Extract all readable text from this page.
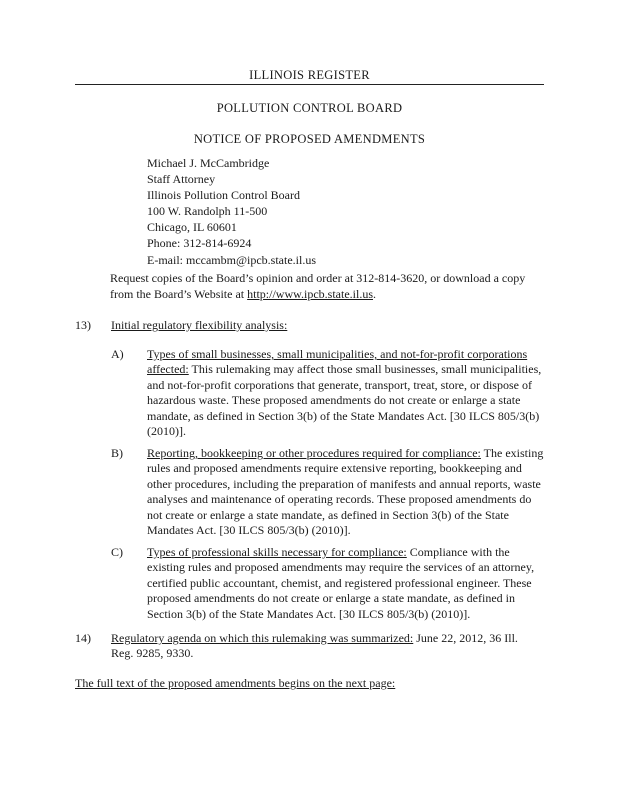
ILLINOIS REGISTER
POLLUTION CONTROL BOARD
NOTICE OF PROPOSED AMENDMENTS
Michael J. McCambridge
Staff Attorney
Illinois Pollution Control Board
100 W. Randolph 11-500
Chicago, IL 60601
Phone: 312-814-6924
E-mail: mccambm@ipcb.state.il.us
Request copies of the Board’s opinion and order at 312-814-3620, or download a copy from the Board’s Website at http://www.ipcb.state.il.us.
13) Initial regulatory flexibility analysis:
A) Types of small businesses, small municipalities, and not-for-profit corporations affected: This rulemaking may affect those small businesses, small municipalities, and not-for-profit corporations that generate, transport, treat, store, or dispose of hazardous waste. These proposed amendments do not create or enlarge a state mandate, as defined in Section 3(b) of the State Mandates Act. [30 ILCS 805/3(b) (2010)].
B) Reporting, bookkeeping or other procedures required for compliance: The existing rules and proposed amendments require extensive reporting, bookkeeping and other procedures, including the preparation of manifests and annual reports, waste analyses and maintenance of operating records. These proposed amendments do not create or enlarge a state mandate, as defined in Section 3(b) of the State Mandates Act. [30 ILCS 805/3(b) (2010)].
C) Types of professional skills necessary for compliance: Compliance with the existing rules and proposed amendments may require the services of an attorney, certified public accountant, chemist, and registered professional engineer. These proposed amendments do not create or enlarge a state mandate, as defined in Section 3(b) of the State Mandates Act. [30 ILCS 805/3(b) (2010)].
14) Regulatory agenda on which this rulemaking was summarized: June 22, 2012, 36 Ill. Reg. 9285, 9330.
The full text of the proposed amendments begins on the next page:
